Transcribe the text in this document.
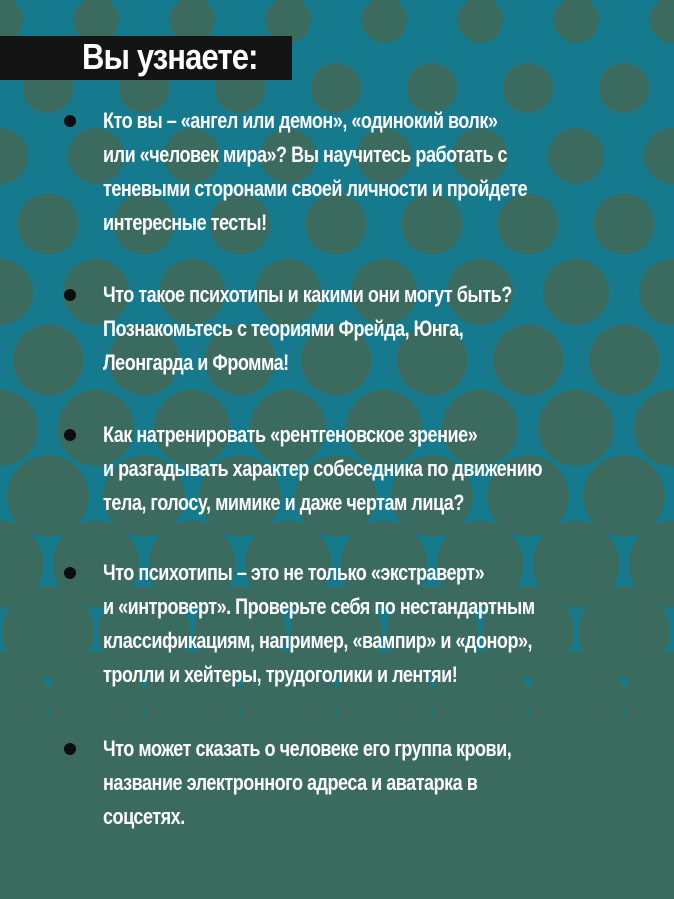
Вы узнаете:

Кто вы – «ангел или демон», «одинокий волк»
или «человек мира»? Вы научитесь работать с
теневыми сторонами своей личности и пройдете
интересные тесты!

Что такое психотипы и какими они могут быть?
Познакомьтесь с теориями Фрейда, Юнга,
Леонгарда и Фромма!

Как натренировать «рентгеновское зрение»
и разгадывать характер собеседника по движению
тела, голосу, мимике и даже чертам лица?

Что психотипы – это не только «экстраверт»
и «интроверт». Проверьте себя по нестандартным
классификациям, например, «вампир» и «донор»,
тролли и хейтеры, трудоголики и лентяи!

Что может сказать о человеке его группа крови,
название электронного адреса и аватарка в
соцсетях.
